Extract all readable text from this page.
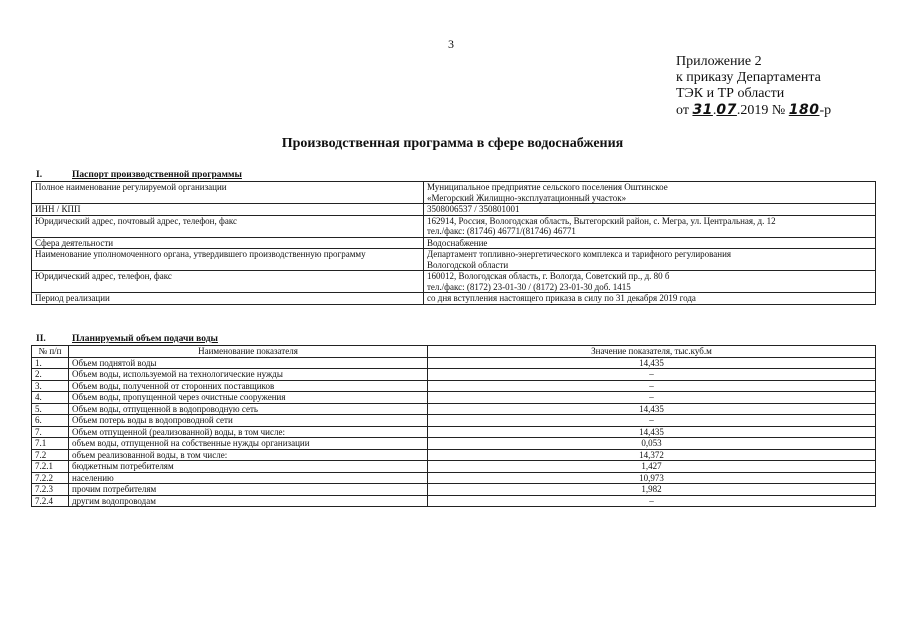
3
Приложение 2
к приказу Департамента
ТЭК и ТР области
от 31.07.2019 № 180-р
Производственная программа в сфере водоснабжения
I.	Паспорт производственной программы
Полное наименование регулируемой организации	Муниципальное предприятие сельского поселения Оштинское
«Мегорский Жилищно-эксплуатационный участок»

ИНН / КПП	3508006537 / 350801001

Юридический адрес, почтовый адрес, телефон, факс	162914, Россия, Вологодская область, Вытегорский район, с. Мегра, ул. Центральная, д. 12
тел./факс: (81746) 46771/(81746) 46771

Сфера деятельности	Водоснабжение

Наименование уполномоченного органа, утвердившего производственную программу	Департамент топливно-энергетического комплекса и тарифного регулирования
Вологодской области

Юридический адрес, телефон, факс	160012, Вологодская область, г. Вологда, Советский пр., д. 80 б
тел./факс: (8172) 23-01-30 / (8172) 23-01-30 доб. 1415

Период реализации	со дня вступления настоящего приказа в силу по 31 декабря 2019 года
II.	Планируемый объем подачи воды
№ п/п	Наименование показателя	Значение показателя, тыс.куб.м
1.	Объем поднятой воды	14,435
2.	Объем воды, используемой на технологические нужды	–
3.	Объем воды, полученной от сторонних поставщиков	–
4.	Объем воды, пропущенной через очистные сооружения	–
5.	Объем воды, отпущенной в водопроводную сеть	14,435
6.	Объем потерь воды в водопроводной сети	–
7.	Объем отпущенной (реализованной) воды, в том числе:	14,435
7.1	объем воды, отпущенной на собственные нужды организации	0,053
7.2	объем реализованной воды, в том числе:	14,372
7.2.1	бюджетным потребителям	1,427
7.2.2	населению	10,973
7.2.3	прочим потребителям	1,982
7.2.4	другим водопроводам	–
